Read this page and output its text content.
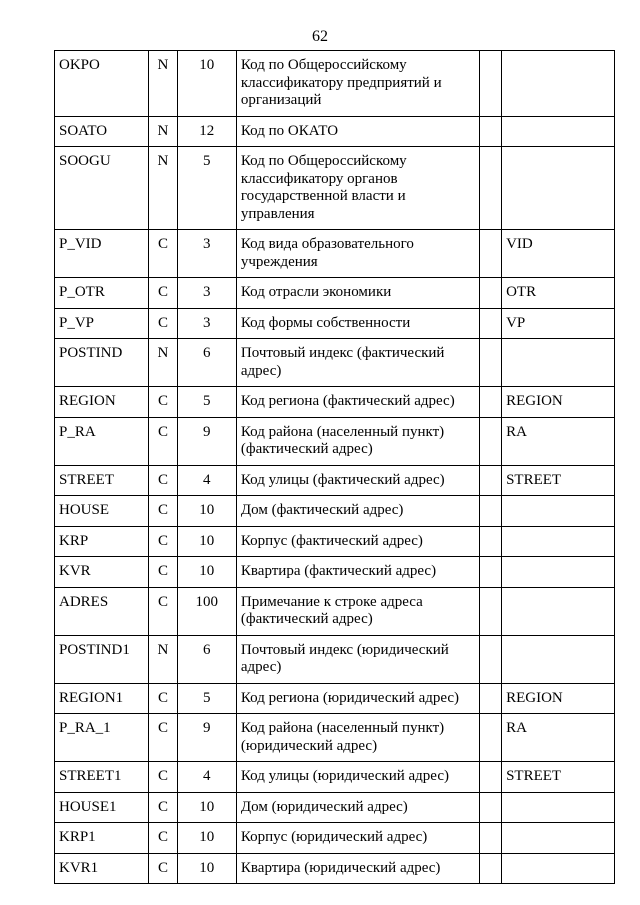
62
OKPO	N	10	Код по Общероссийскому классификатору предприятий и организаций		
SOATO	N	12	Код по ОКАТО		
SOOGU	N	5	Код по Общероссийскому классификатору органов государственной власти и управления		
P_VID	C	3	Код вида образовательного учреждения		VID
P_OTR	C	3	Код отрасли экономики		OTR
P_VP	C	3	Код формы собственности		VP
POSTIND	N	6	Почтовый индекс (фактический адрес)		
REGION	C	5	Код региона (фактический адрес)		REGION
P_RA	C	9	Код района (населенный пункт) (фактический адрес)		RA
STREET	C	4	Код улицы (фактический адрес)		STREET
HOUSE	C	10	Дом (фактический адрес)		
KRP	C	10	Корпус (фактический адрес)		
KVR	C	10	Квартира (фактический адрес)		
ADRES	C	100	Примечание к строке адреса (фактический адрес)		
POSTIND1	N	6	Почтовый индекс (юридический адрес)		
REGION1	C	5	Код региона (юридический адрес)		REGION
P_RA_1	C	9	Код района (населенный пункт) (юридический адрес)		RA
STREET1	C	4	Код улицы (юридический адрес)		STREET
HOUSE1	C	10	Дом (юридический адрес)		
KRP1	C	10	Корпус (юридический адрес)		
KVR1	C	10	Квартира (юридический адрес)		
